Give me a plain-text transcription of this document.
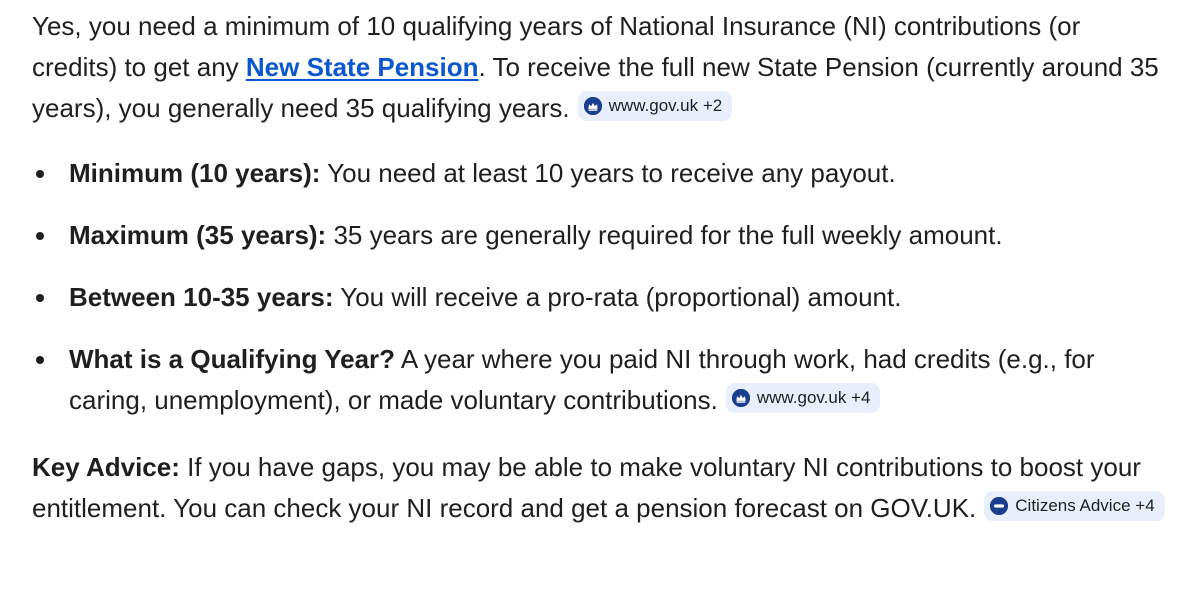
Yes, you need a minimum of 10 qualifying years of National Insurance (NI) contributions (or credits) to get any New State Pension. To receive the full new State Pension (currently around 35 years), you generally need 35 qualifying years. www.gov.uk +2

Minimum (10 years): You need at least 10 years to receive any payout.
Maximum (35 years): 35 years are generally required for the full weekly amount.
Between 10-35 years: You will receive a pro-rata (proportional) amount.
What is a Qualifying Year? A year where you paid NI through work, had credits (e.g., for caring, unemployment), or made voluntary contributions. www.gov.uk +4

Key Advice: If you have gaps, you may be able to make voluntary NI contributions to boost your entitlement. You can check your NI record and get a pension forecast on GOV.UK. Citizens Advice +4
